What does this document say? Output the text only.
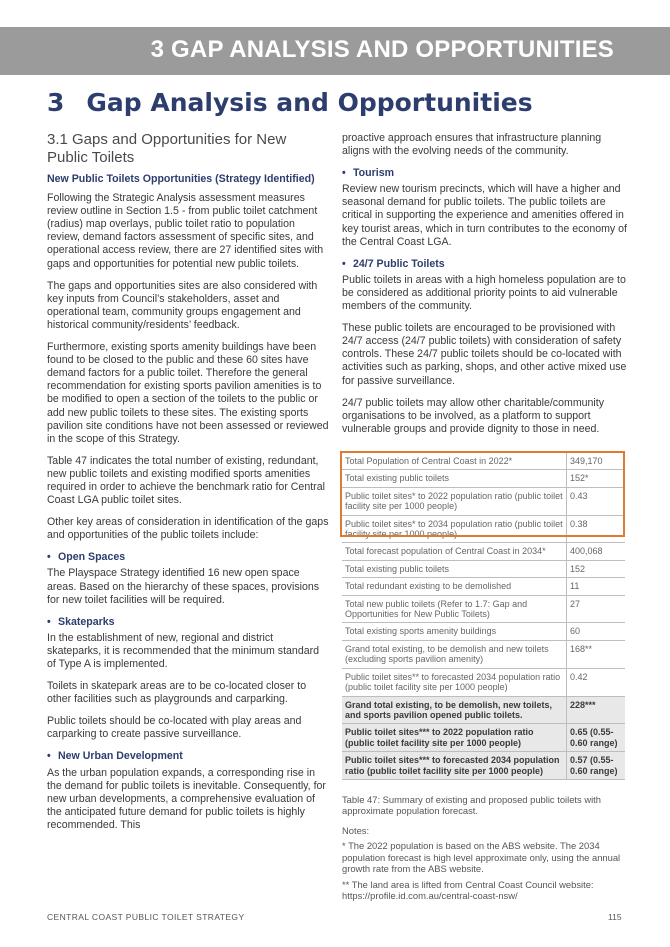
3 GAP ANALYSIS AND OPPORTUNITIES
3 Gap Analysis and Opportunities
3.1 Gaps and Opportunities for New Public Toilets
New Public Toilets Opportunities (Strategy Identified)

Following the Strategic Analysis assessment measures review outline in Section 1.5 - from public toilet catchment (radius) map overlays, public toilet ratio to population review, demand factors assessment of specific sites, and operational access review, there are 27 identified sites with gaps and opportunities for potential new public toilets.

The gaps and opportunities sites are also considered with key inputs from Council’s stakeholders, asset and operational team, community groups engagement and historical community/residents’ feedback.

Furthermore, existing sports amenity buildings have been found to be closed to the public and these 60 sites have demand factors for a public toilet. Therefore the general recommendation for existing sports pavilion amenities is to be modified to open a section of the toilets to the public or add new public toilets to these sites. The existing sports pavilion site conditions have not been assessed or reviewed in the scope of this Strategy.

Table 47 indicates the total number of existing, redundant, new public toilets and existing modified sports amenities required in order to achieve the benchmark ratio for Central Coast LGA public toilet sites.

Other key areas of consideration in identification of the gaps and opportunities of the public toilets include:

• Open Spaces

The Playspace Strategy identified 16 new open space areas. Based on the hierarchy of these spaces, provisions for new toilet facilities will be required.

• Skateparks

In the establishment of new, regional and district skateparks, it is recommended that the minimum standard of Type A is implemented.

Toilets in skatepark areas are to be co-located closer to other facilities such as playgrounds and carparking.

Public toilets should be co-located with play areas and carparking to create passive surveillance.

• New Urban Development

As the urban population expands, a corresponding rise in the demand for public toilets is inevitable. Consequently, for new urban developments, a comprehensive evaluation of the anticipated future demand for public toilets is highly recommended. This

proactive approach ensures that infrastructure planning aligns with the evolving needs of the community.

• Tourism

Review new tourism precincts, which will have a higher and seasonal demand for public toilets. The public toilets are critical in supporting the experience and amenities offered in key tourist areas, which in turn contributes to the economy of the Central Coast LGA.

• 24/7 Public Toilets

Public toilets in areas with a high homeless population are to be considered as additional priority points to aid vulnerable members of the community.

These public toilets are encouraged to be provisioned with 24/7 access (24/7 public toilets) with consideration of safety controls. These 24/7 public toilets should be co-located with activities such as parking, shops, and other active mixed use for passive surveillance.

24/7 public toilets may allow other charitable/community organisations to be involved, as a platform to support vulnerable groups and provide dignity to those in need.

Total Population of Central Coast in 2022*	349,170
Total existing public toilets	152*
Public toilet sites* to 2022 population ratio (public toilet facility site per 1000 people)	0.43
Public toilet sites* to 2034 population ratio (public toilet facility site per 1000 people)	0.38
Total forecast population of Central Coast in 2034*	400,068
Total existing public toilets	152
Total redundant existing to be demolished	11
Total new public toilets (Refer to 1.7: Gap and Opportunities for New Public Toilets)	27
Total existing sports amenity buildings	60
Grand total existing, to be demolish and new toilets (excluding sports pavilion amenity)	168**
Public toilet sites** to forecasted 2034 population ratio (public toilet facility site per 1000 people)	0.42
Grand total existing, to be demolish, new toilets, and sports pavilion opened public toilets.	228***
Public toilet sites*** to 2022 population ratio (public toilet facility site per 1000 people)	0.65 (0.55-0.60 range)
Public toilet sites*** to forecasted 2034 population ratio (public toilet facility site per 1000 people)	0.57 (0.55-0.60 range)
Table 47: Summary of existing and proposed public toilets with approximate population forecast.

Notes:

* The 2022 population is based on the ABS website. The 2034 population forecast is high level approximate only, using the annual growth rate from the ABS website.

** The land area is lifted from Central Coast Council website: https://profile.id.com.au/central-coast-nsw/

CENTRAL COAST PUBLIC TOILET STRATEGY	115
